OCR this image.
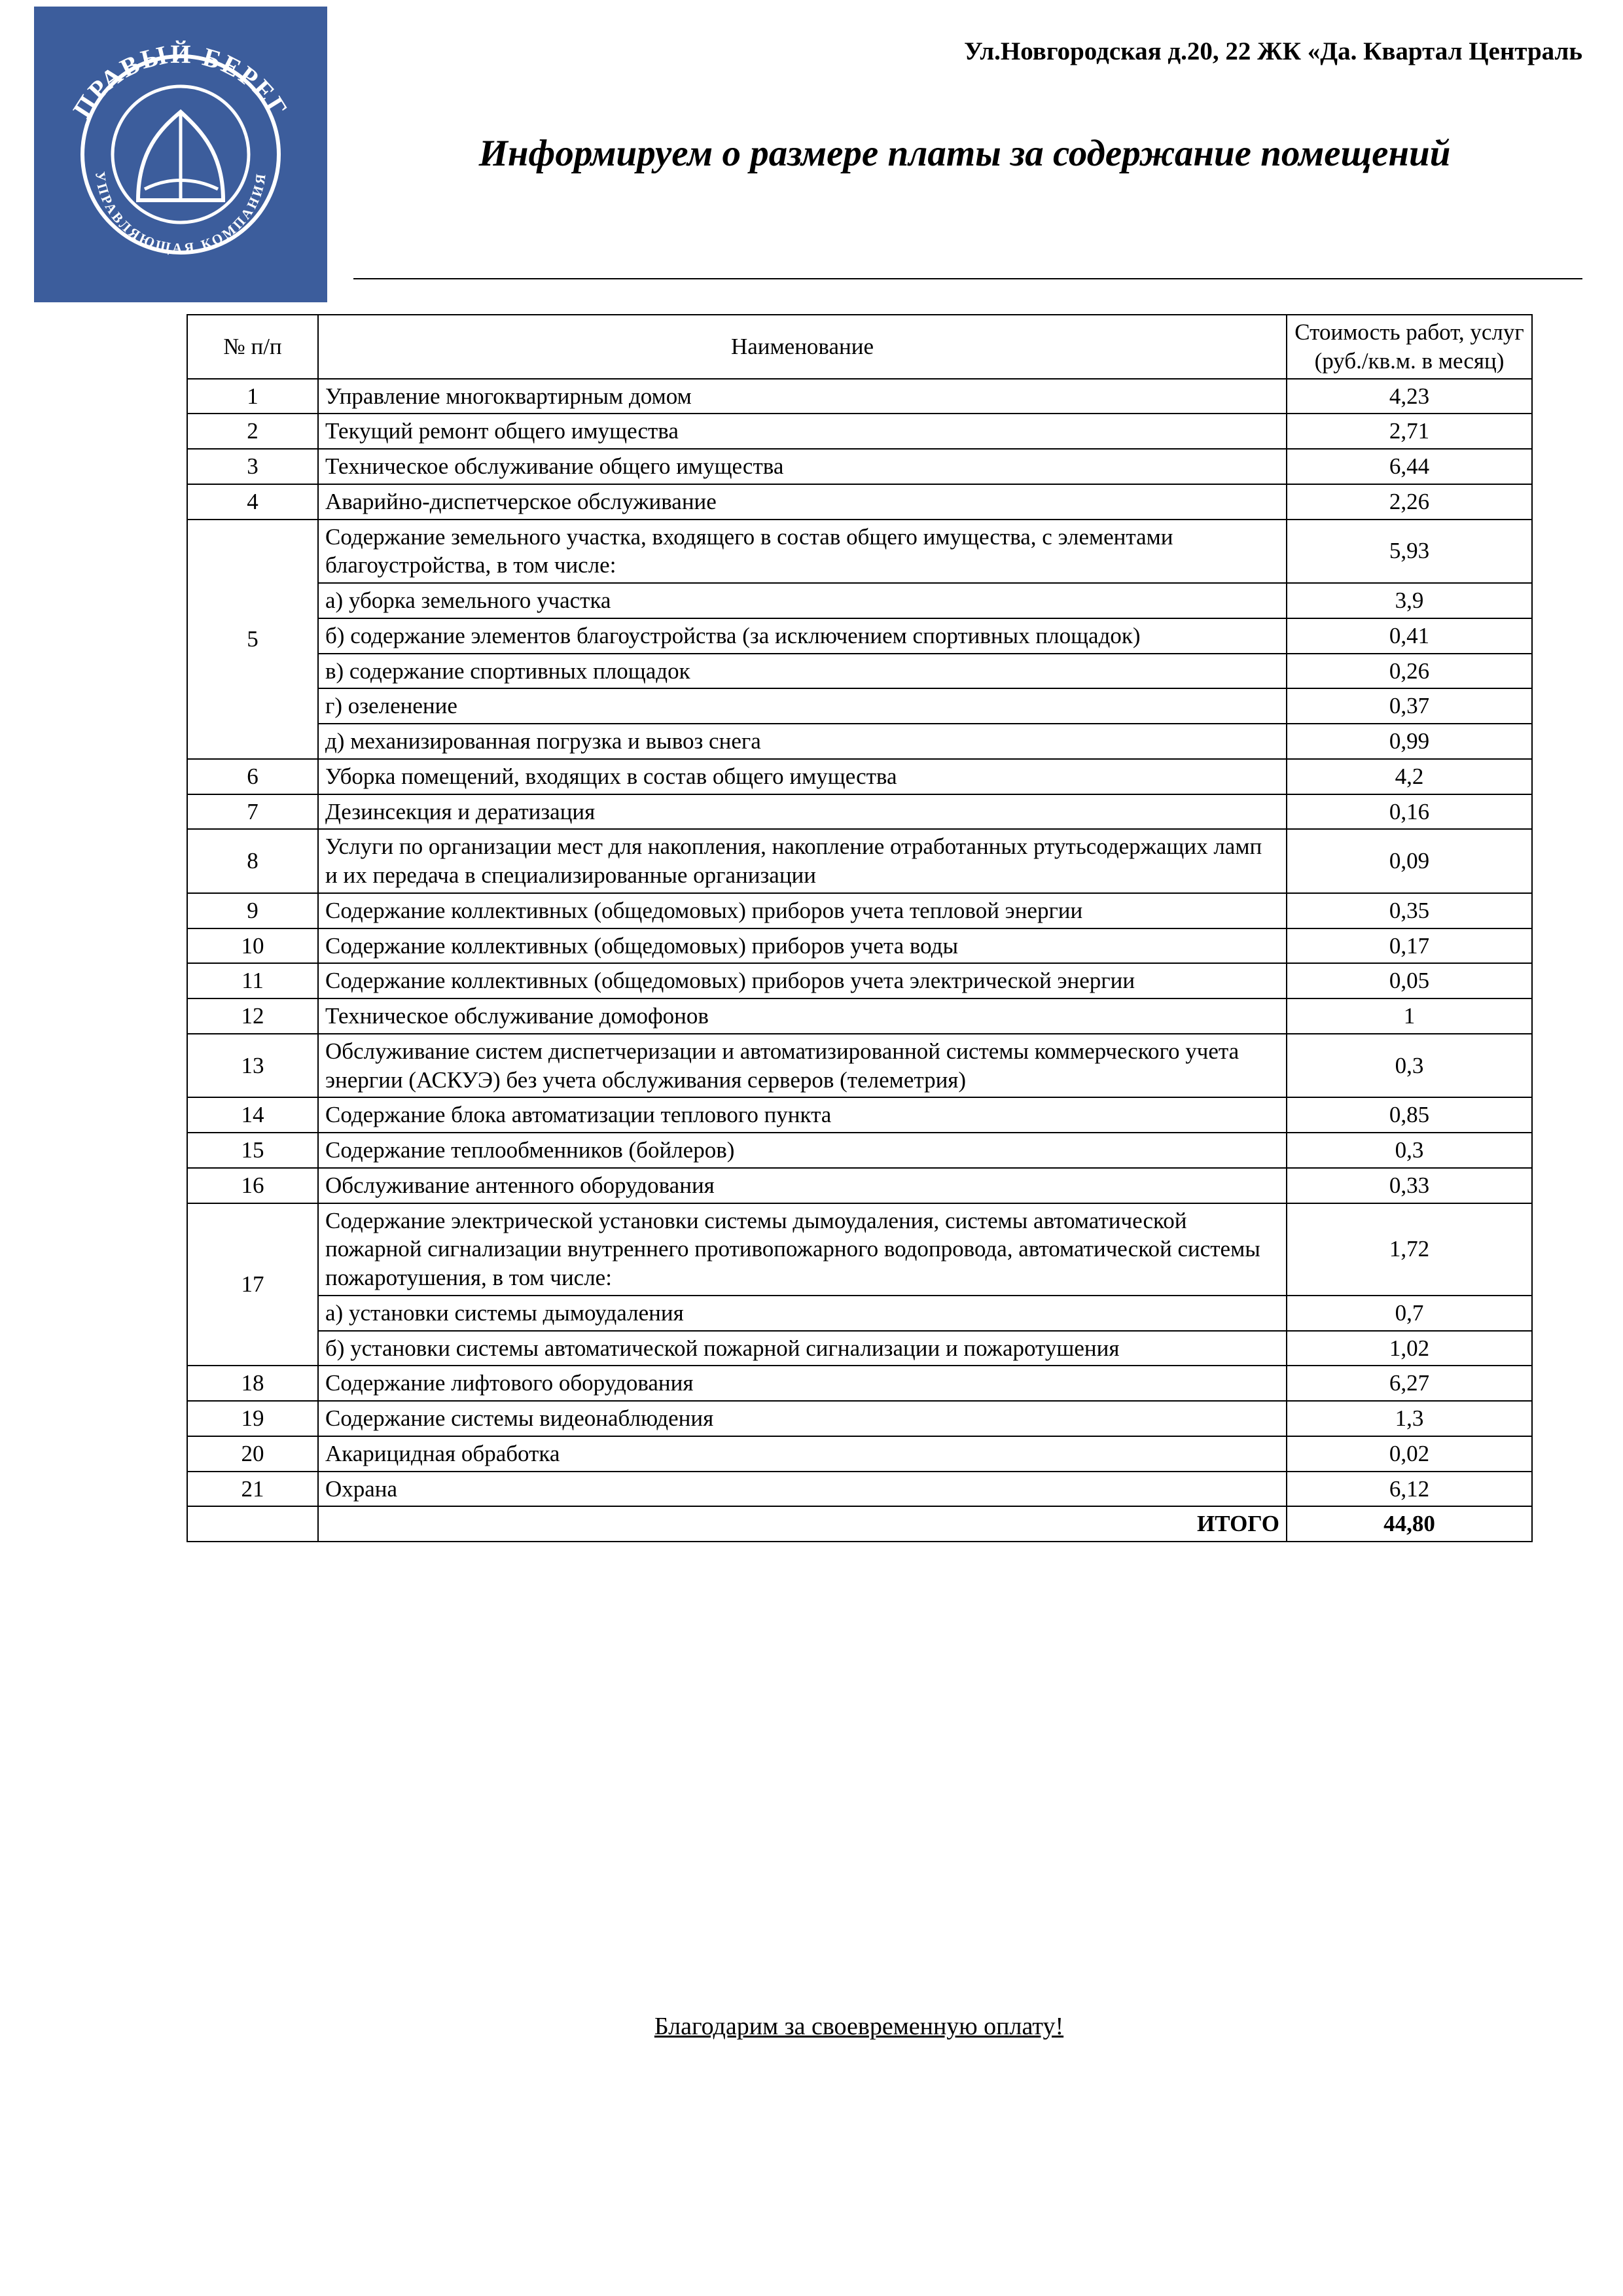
ПРАВЫЙ БЕРЕГ
УПРАВЛЯЮЩАЯ КОМПАНИЯ
Ул.Новгородская д.20, 22 ЖК «Да. Квартал Централь
Информируем о размере платы за содержание помещений
№ п/п	Наименование	Стоимость работ, услуг (руб./кв.м. в месяц)
1	Управление многоквартирным домом	4,23
2	Текущий ремонт общего имущества	2,71
3	Техническое обслуживание общего имущества	6,44
4	Аварийно-диспетчерское обслуживание	2,26
5	Содержание земельного участка, входящего в состав общего имущества, с элементами благоустройства, в том числе:	5,93
	а) уборка земельного участка	3,9
	б) содержание элементов благоустройства (за исключением спортивных площадок)	0,41
	в) содержание спортивных площадок	0,26
	г) озеленение	0,37
	д) механизированная погрузка и вывоз снега	0,99
6	Уборка помещений, входящих в состав общего имущества	4,2
7	Дезинсекция и дератизация	0,16
8	Услуги по организации мест для накопления, накопление отработанных ртутьсодержащих ламп и их передача в специализированные организации	0,09
9	Содержание коллективных (общедомовых) приборов учета тепловой энергии	0,35
10	Содержание коллективных (общедомовых) приборов учета воды	0,17
11	Содержание коллективных (общедомовых) приборов учета электрической энергии	0,05
12	Техническое обслуживание домофонов	1
13	Обслуживание систем диспетчеризации и автоматизированной системы коммерческого учета энергии (АСКУЭ) без учета обслуживания серверов (телеметрия)	0,3
14	Содержание блока автоматизации теплового пункта	0,85
15	Содержание теплообменников (бойлеров)	0,3
16	Обслуживание антенного оборудования	0,33
17	Содержание электрической установки системы дымоудаления, системы автоматической пожарной сигнализации внутреннего противопожарного водопровода, автоматической системы пожаротушения, в том числе:	1,72
	а) установки системы дымоудаления	0,7
	б) установки системы автоматической пожарной сигнализации и пожаротушения	1,02
18	Содержание лифтового оборудования	6,27
19	Содержание системы видеонаблюдения	1,3
20	Акарицидная обработка	0,02
21	Охрана	6,12
	ИТОГО	44,80
Благодарим за своевременную оплату!
